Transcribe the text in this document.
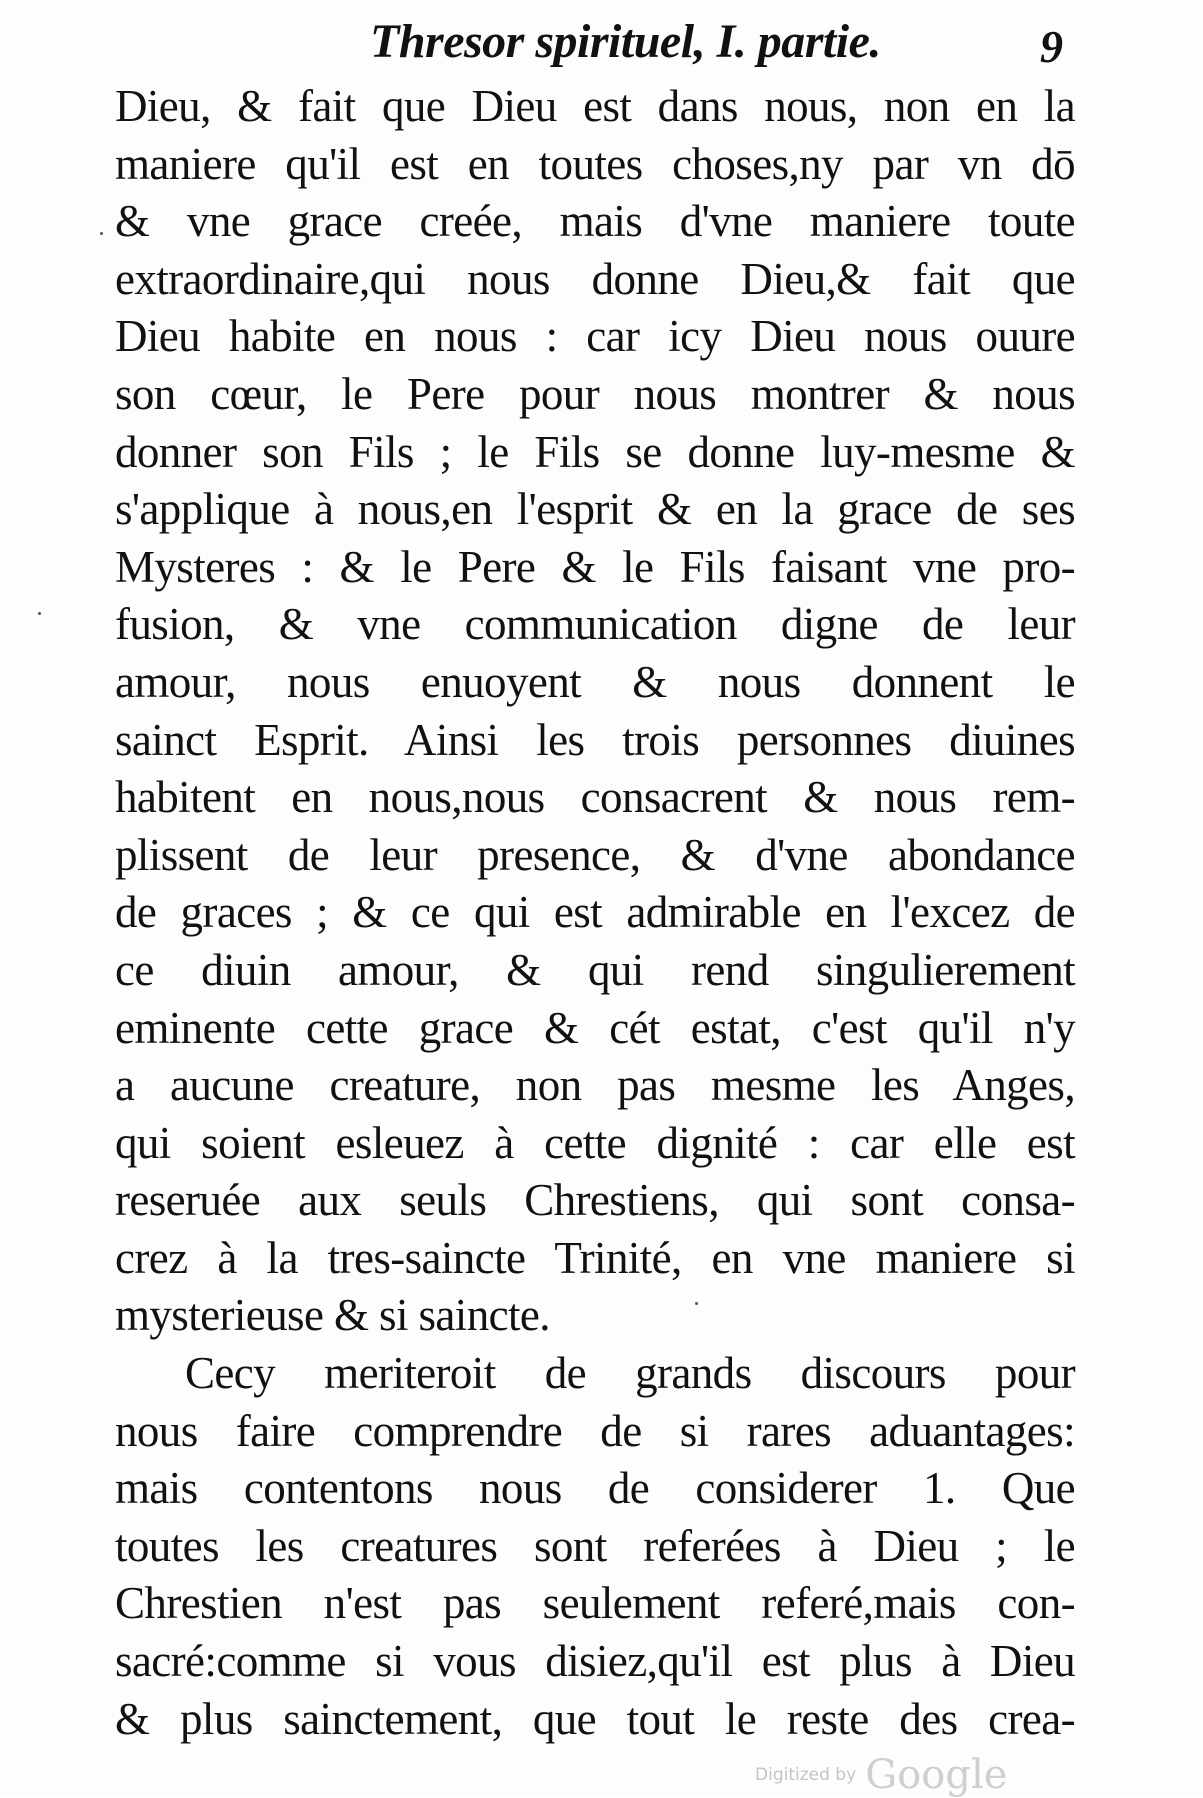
Thresor spirituel, I. partie.	9
Dieu, & fait que Dieu est dans nous, non en la
maniere qu'il est en toutes choses,ny par vn dō
& vne grace creée, mais d'vne maniere toute
extraordinaire,qui nous donne Dieu,& fait que
Dieu habite en nous : car icy Dieu nous ouure
son cœur, le Pere pour nous montrer & nous
donner son Fils ; le Fils se donne luy-mesme &
s'applique à nous,en l'esprit & en la grace de ses
Mysteres : & le Pere & le Fils faisant vne pro-
fusion, & vne communication digne de leur
amour, nous enuoyent & nous donnent le
sainct Esprit. Ainsi les trois personnes diuines
habitent en nous,nous consacrent & nous rem-
plissent de leur presence, & d'vne abondance
de graces ; & ce qui est admirable en l'excez de
ce diuin amour, & qui rend singulierement
eminente cette grace & cét estat, c'est qu'il n'y
a aucune creature, non pas mesme les Anges,
qui soient esleuez à cette dignité : car elle est
reseruée aux seuls Chrestiens, qui sont consa-
crez à la tres-saincte Trinité, en vne maniere si
mysterieuse & si saincte.
Cecy meriteroit de grands discours pour
nous faire comprendre de si rares aduantages:
mais contentons nous de considerer 1. Que
toutes les creatures sont referées à Dieu ; le
Chrestien n'est pas seulement referé,mais con-
sacré:comme si vous disiez,qu'il est plus à Dieu
& plus sainctement, que tout le reste des crea-
Digitized by Google
